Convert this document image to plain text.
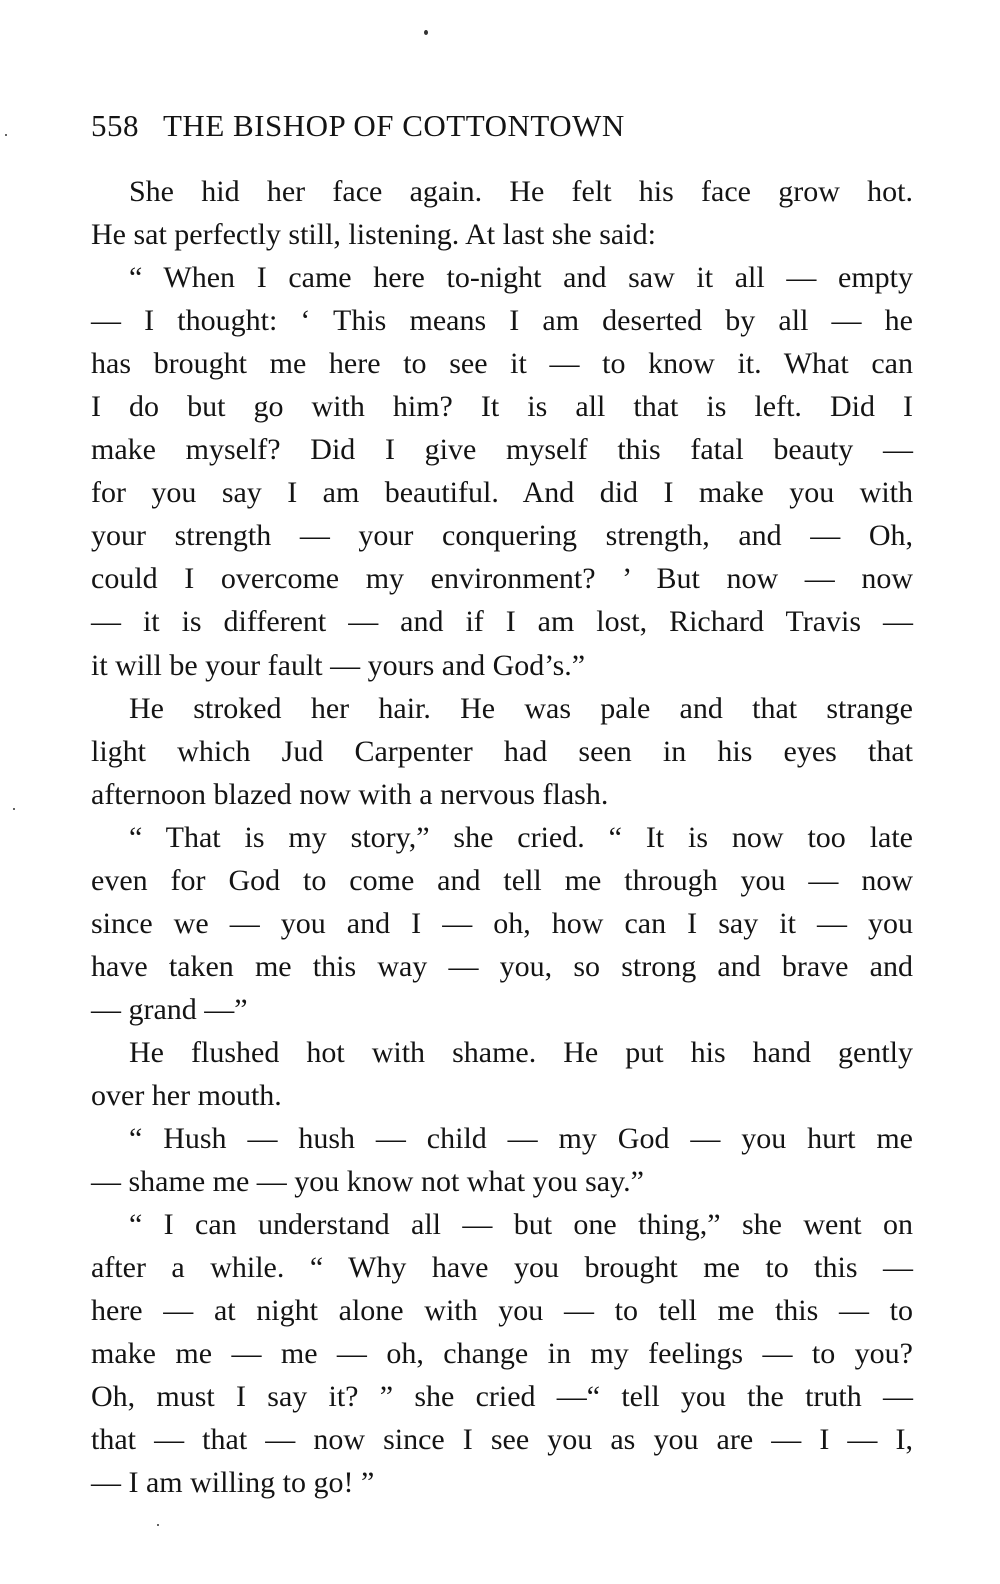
558 THE BISHOP OF COTTONTOWN
She hid her face again. He felt his face grow hot.
He sat perfectly still, listening. At last she said:
“ When I came here to-night and saw it all — empty
— I thought: ‘ This means I am deserted by all — he
has brought me here to see it — to know it. What can
I do but go with him? It is all that is left. Did I
make myself? Did I give myself this fatal beauty —
for you say I am beautiful. And did I make you with
your strength — your conquering strength, and — Oh,
could I overcome my environment? ’ But now — now
— it is different — and if I am lost, Richard Travis —
it will be your fault — yours and God’s.”
He stroked her hair. He was pale and that strange
light which Jud Carpenter had seen in his eyes that
afternoon blazed now with a nervous flash.
“ That is my story,” she cried. “ It is now too late
even for God to come and tell me through you — now
since we — you and I — oh, how can I say it — you
have taken me this way — you, so strong and brave and
— grand —”
He flushed hot with shame. He put his hand gently
over her mouth.
“ Hush — hush — child — my God — you hurt me
— shame me — you know not what you say.”
“ I can understand all — but one thing,” she went on
after a while. “ Why have you brought me to this —
here — at night alone with you — to tell me this — to
make me — me — oh, change in my feelings — to you?
Oh, must I say it? ” she cried —“ tell you the truth —
that — that — now since I see you as you are — I — I,
— I am willing to go! ”
